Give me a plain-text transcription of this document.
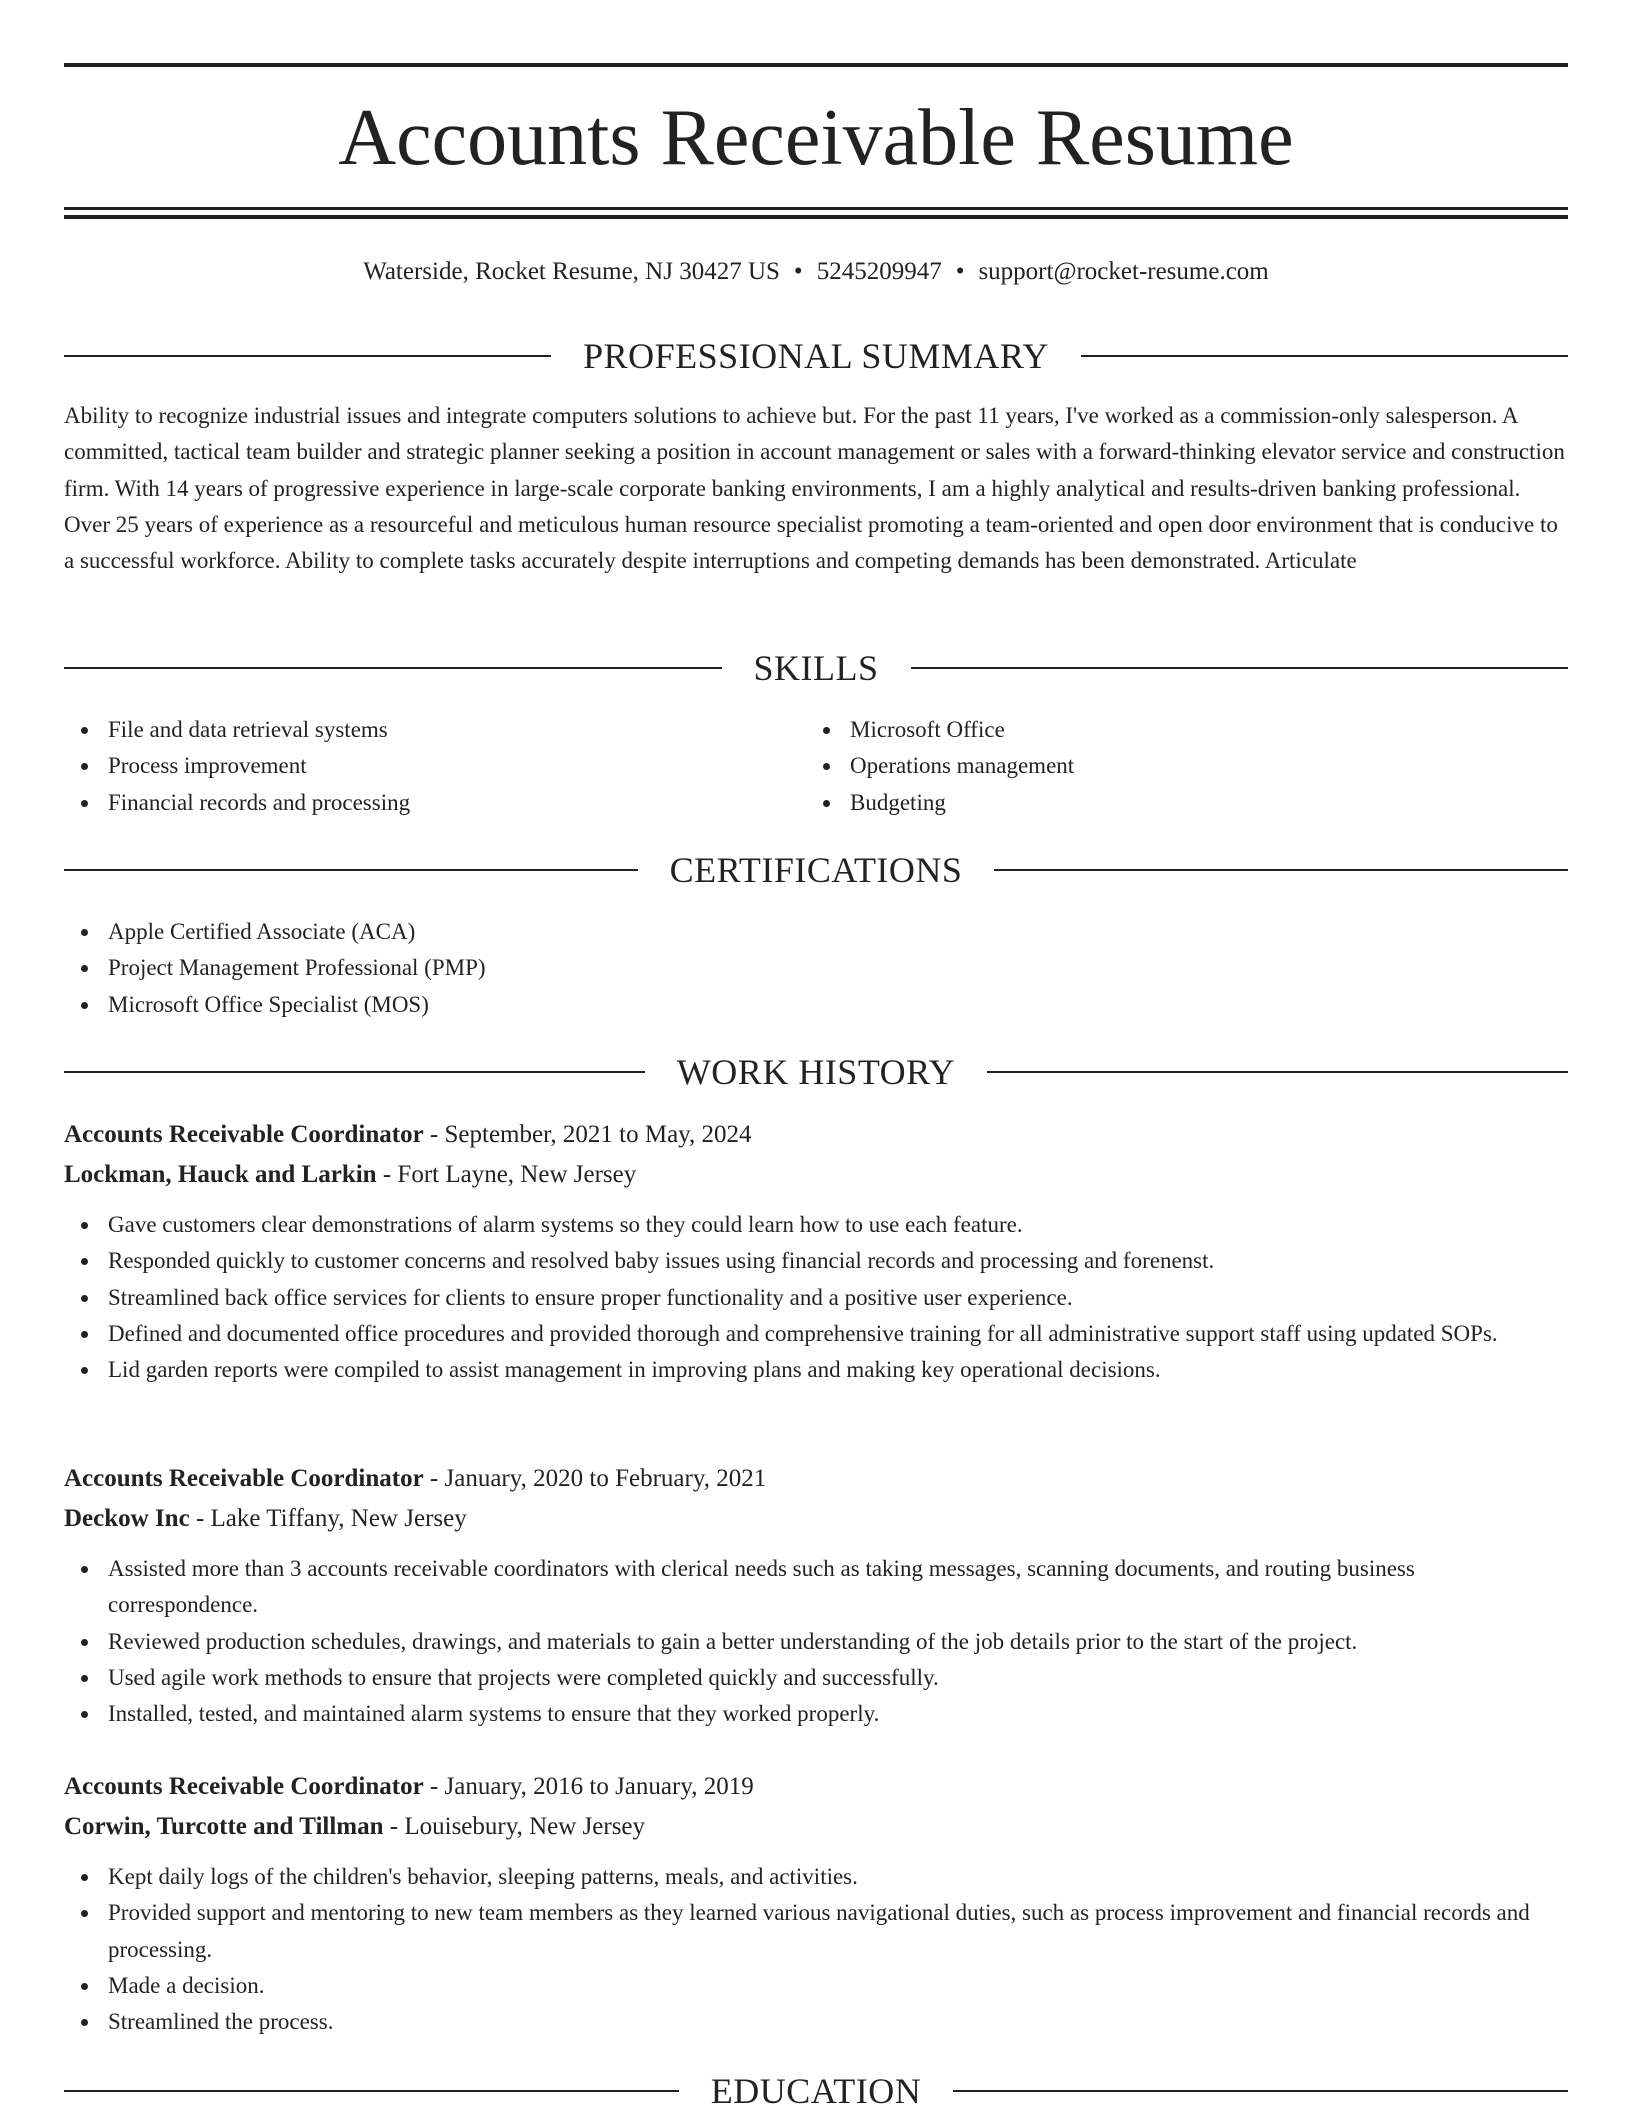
Accounts Receivable Resume
Waterside, Rocket Resume, NJ 30427 US • 5245209947 • support@rocket-resume.com
PROFESSIONAL SUMMARY

Ability to recognize industrial issues and integrate computers solutions to achieve but. For the past 11 years, I've worked as a commission-only salesperson. A committed, tactical team builder and strategic planner seeking a position in account management or sales with a forward-thinking elevator service and construction firm. With 14 years of progressive experience in large-scale corporate banking environments, I am a highly analytical and results-driven banking professional. Over 25 years of experience as a resourceful and meticulous human resource specialist promoting a team-oriented and open door environment that is conducive to a successful workforce. Ability to complete tasks accurately despite interruptions and competing demands has been demonstrated. Articulate

SKILLS
File and data retrieval systems
Process improvement
Financial records and processing
Microsoft Office
Operations management
Budgeting
CERTIFICATIONS
Apple Certified Associate (ACA)
Project Management Professional (PMP)
Microsoft Office Specialist (MOS)
WORK HISTORY
Accounts Receivable Coordinator - September, 2021 to May, 2024
Lockman, Hauck and Larkin - Fort Layne, New Jersey
Gave customers clear demonstrations of alarm systems so they could learn how to use each feature.
Responded quickly to customer concerns and resolved baby issues using financial records and processing and forenenst.
Streamlined back office services for clients to ensure proper functionality and a positive user experience.
Defined and documented office procedures and provided thorough and comprehensive training for all administrative support staff using updated SOPs.
Lid garden reports were compiled to assist management in improving plans and making key operational decisions.
Accounts Receivable Coordinator - January, 2020 to February, 2021
Deckow Inc - Lake Tiffany, New Jersey
Assisted more than 3 accounts receivable coordinators with clerical needs such as taking messages, scanning documents, and routing business correspondence.
Reviewed production schedules, drawings, and materials to gain a better understanding of the job details prior to the start of the project.
Used agile work methods to ensure that projects were completed quickly and successfully.
Installed, tested, and maintained alarm systems to ensure that they worked properly.
Accounts Receivable Coordinator - January, 2016 to January, 2019
Corwin, Turcotte and Tillman - Louisebury, New Jersey
Kept daily logs of the children's behavior, sleeping patterns, meals, and activities.
Provided support and mentoring to new team members as they learned various navigational duties, such as process improvement and financial records and processing.
Made a decision.
Streamlined the process.
EDUCATION
